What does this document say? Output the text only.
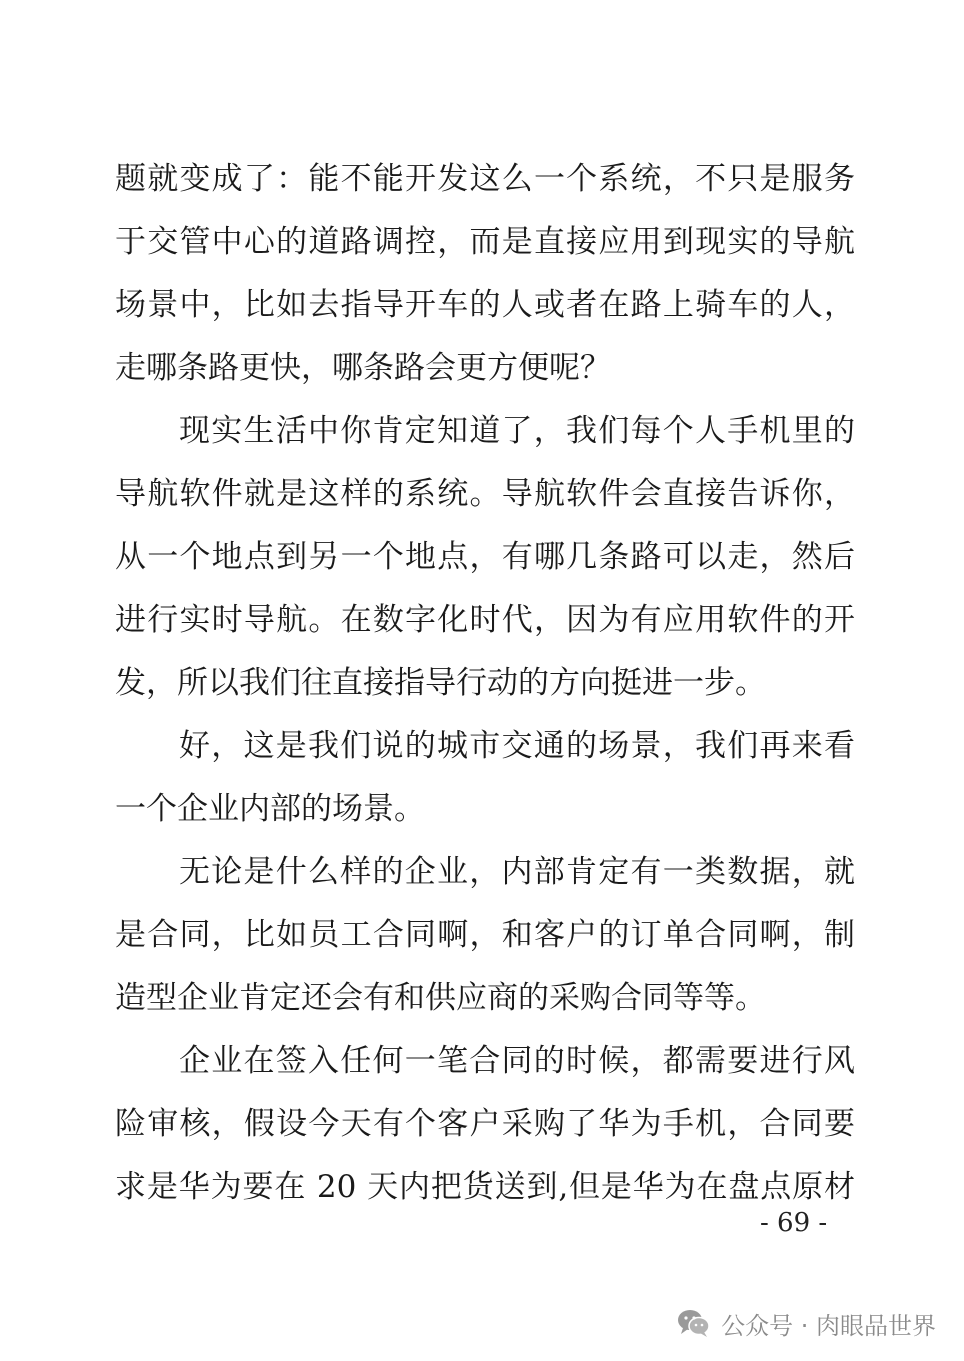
题就变成了：能不能开发这么一个系统，不只是服务
于交管中心的道路调控，而是直接应用到现实的导航
场景中，比如去指导开车的人或者在路上骑车的人，
走哪条路更快，哪条路会更方便呢？
现实生活中你肯定知道了，我们每个人手机里的
导航软件就是这样的系统。导航软件会直接告诉你，
从一个地点到另一个地点，有哪几条路可以走，然后
进行实时导航。在数字化时代，因为有应用软件的开
发，所以我们往直接指导行动的方向挺进一步。
好，这是我们说的城市交通的场景，我们再来看
一个企业内部的场景。
无论是什么样的企业，内部肯定有一类数据，就
是合同，比如员工合同啊，和客户的订单合同啊，制
造型企业肯定还会有和供应商的采购合同等等。
企业在签入任何一笔合同的时候，都需要进行风
险审核，假设今天有个客户采购了华为手机，合同要
求是华为要在 20 天内把货送到,但是华为在盘点原材
- 69 -
公众号 · 肉眼品世界
